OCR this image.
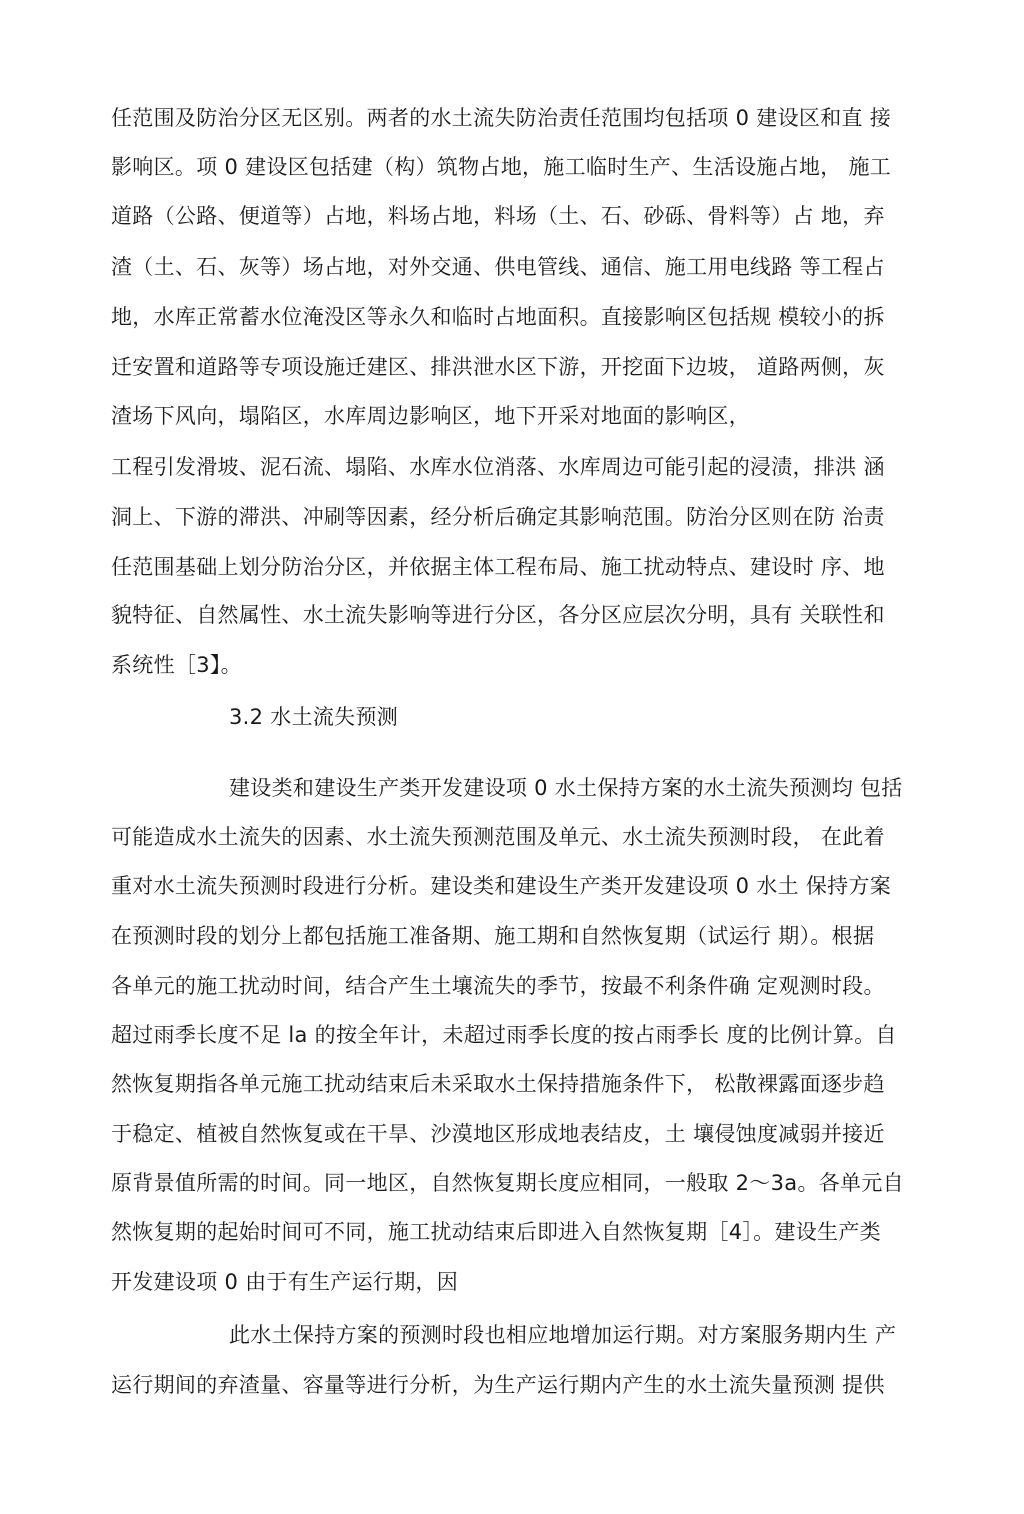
任范围及防治分区无区别。两者的水土流失防治责任范围均包括项 0 建设区和直 接
影响区。项 0 建设区包括建（构）筑物占地，施工临时生产、生活设施占地， 施工
道路（公路、便道等）占地，料场占地，料场（土、石、砂砾、骨料等）占 地，弃
渣（土、石、灰等）场占地，对外交通、供电管线、通信、施工用电线路 等工程占
地，水库正常蓄水位淹没区等永久和临时占地面积。直接影响区包括规 模较小的拆
迁安置和道路等专项设施迁建区、排洪泄水区下游，开挖面下边坡， 道路两侧，灰
渣场下风向，塌陷区，水库周边影响区，地下开采对地面的影响区，
工程引发滑坡、泥石流、塌陷、水库水位消落、水库周边可能引起的浸渍，排洪 涵
洞上、下游的滞洪、冲刷等因素，经分析后确定其影响范围。防治分区则在防 治责
任范围基础上划分防治分区，并依据主体工程布局、施工扰动特点、建设时 序、地
貌特征、自然属性、水土流失影响等进行分区，各分区应层次分明，具有 关联性和
系统性［3】。
3.2 水土流失预测
建设类和建设生产类开发建设项 0 水土保持方案的水土流失预测均 包括
可能造成水土流失的因素、水土流失预测范围及单元、水土流失预测时段， 在此着
重对水土流失预测时段进行分析。建设类和建设生产类开发建设项 0 水土 保持方案
在预测时段的划分上都包括施工准备期、施工期和自然恢复期（试运行 期）。根据
各单元的施工扰动时间，结合产生土壤流失的季节，按最不利条件确 定观测时段。
超过雨季长度不足 la 的按全年计，未超过雨季长度的按占雨季长 度的比例计算。自
然恢复期指各单元施工扰动结束后未采取水土保持措施条件下， 松散裸露面逐步趋
于稳定、植被自然恢复或在干旱、沙漠地区形成地表结皮，土 壤侵蚀度减弱并接近
原背景值所需的时间。同一地区，自然恢复期长度应相同，一般取 2～3a。各单元自
然恢复期的起始时间可不同，施工扰动结束后即进入自然恢复期［4］。建设生产类
开发建设项 0 由于有生产运行期，因
此水土保持方案的预测时段也相应地增加运行期。对方案服务期内生 产
运行期间的弃渣量、容量等进行分析，为生产运行期内产生的水土流失量预测 提供
